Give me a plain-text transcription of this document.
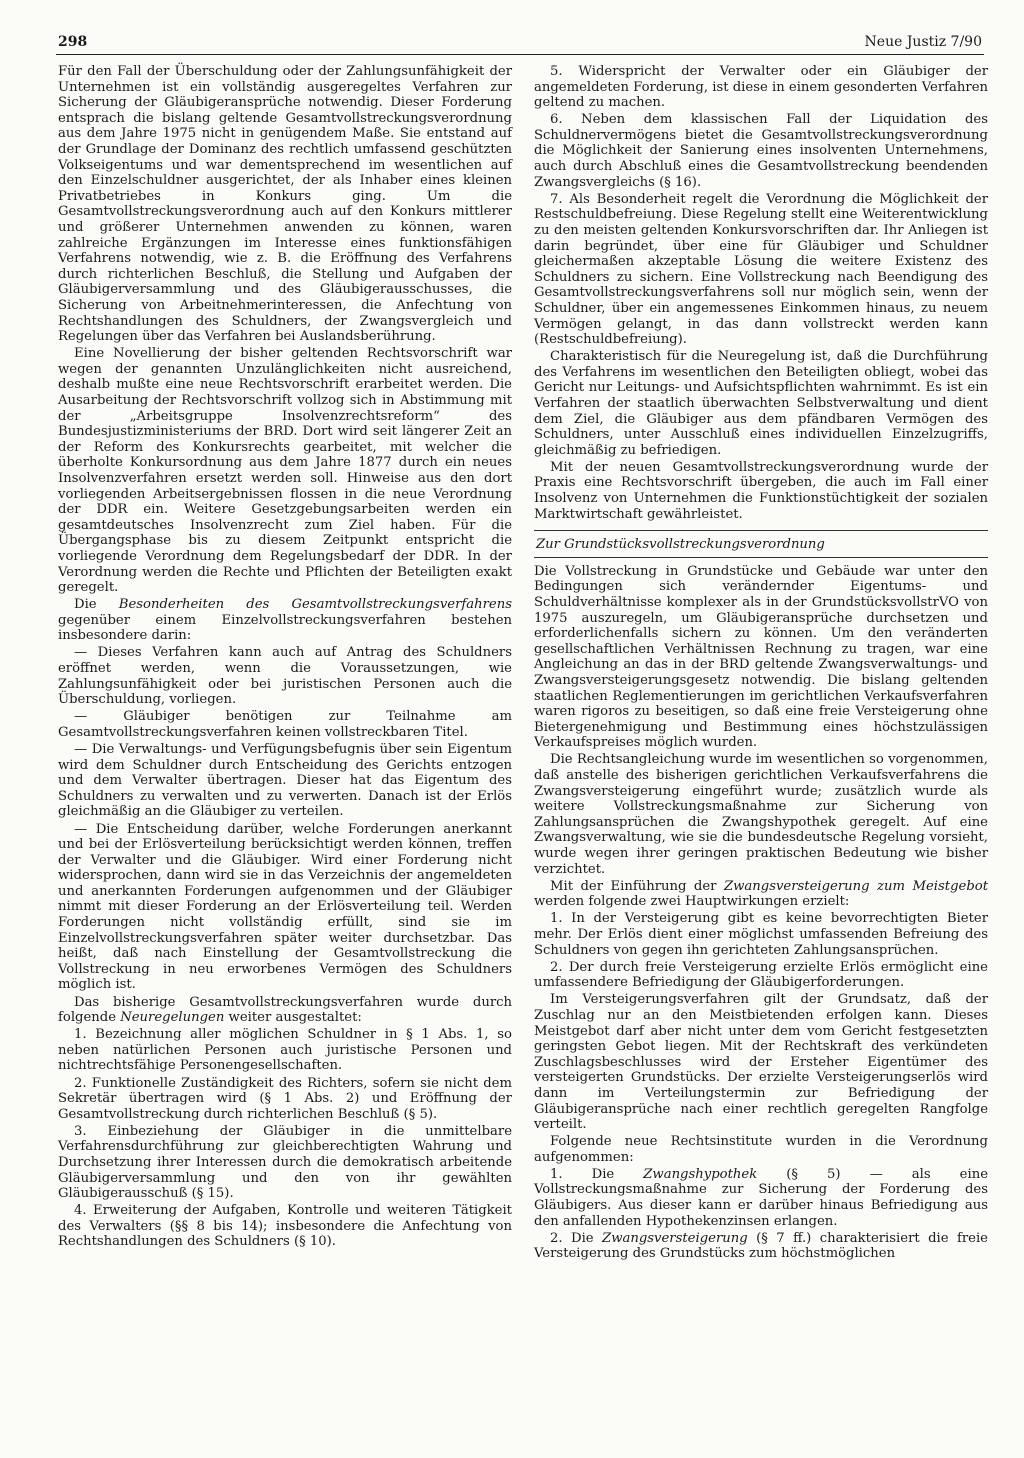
298	Neue Justiz 7/90

Für den Fall der Überschuldung oder der Zahlungsunfähigkeit der Unternehmen ist ein vollständig ausgeregeltes Verfahren zur Sicherung der Gläubigeransprüche notwendig. Dieser Forderung entsprach die bislang geltende Gesamtvollstreckungsverordnung aus dem Jahre 1975 nicht in genügendem Maße. Sie entstand auf der Grundlage der Dominanz des rechtlich umfassend geschützten Volkseigentums und war dementsprechend im wesentlichen auf den Einzelschuldner ausgerichtet, der als Inhaber eines kleinen Privatbetriebes in Konkurs ging. Um die Gesamtvollstreckungsverordnung auch auf den Konkurs mittlerer und größerer Unternehmen anwenden zu können, waren zahlreiche Ergänzungen im Interesse eines funktionsfähigen Verfahrens notwendig, wie z. B. die Eröffnung des Verfahrens durch richterlichen Beschluß, die Stellung und Aufgaben der Gläubigerversammlung und des Gläubigerausschusses, die Sicherung von Arbeitnehmerinteressen, die Anfechtung von Rechtshandlungen des Schuldners, der Zwangsvergleich und Regelungen über das Verfahren bei Auslandsberührung.

Eine Novellierung der bisher geltenden Rechtsvorschrift war wegen der genannten Unzulänglichkeiten nicht ausreichend, deshalb mußte eine neue Rechtsvorschrift erarbeitet werden. Die Ausarbeitung der Rechtsvorschrift vollzog sich in Abstimmung mit der „Arbeitsgruppe Insolvenzrechtsreform“ des Bundesjustizministeriums der BRD. Dort wird seit längerer Zeit an der Reform des Konkursrechts gearbeitet, mit welcher die überholte Konkursordnung aus dem Jahre 1877 durch ein neues Insolvenzverfahren ersetzt werden soll. Hinweise aus den dort vorliegenden Arbeitsergebnissen flossen in die neue Verordnung der DDR ein. Weitere Gesetzgebungsarbeiten werden ein gesamtdeutsches Insolvenzrecht zum Ziel haben. Für die Übergangsphase bis zu diesem Zeitpunkt entspricht die vorliegende Verordnung dem Regelungsbedarf der DDR. In der Verordnung werden die Rechte und Pflichten der Beteiligten exakt geregelt.

Die Besonderheiten des Gesamtvollstreckungsverfahrens gegenüber einem Einzelvollstreckungsverfahren bestehen insbesondere darin:

— Dieses Verfahren kann auch auf Antrag des Schuldners eröffnet werden, wenn die Voraussetzungen, wie Zahlungsunfähigkeit oder bei juristischen Personen auch die Überschuldung, vorliegen.

— Gläubiger benötigen zur Teilnahme am Gesamtvollstreckungsverfahren keinen vollstreckbaren Titel.

— Die Verwaltungs- und Verfügungsbefugnis über sein Eigentum wird dem Schuldner durch Entscheidung des Gerichts entzogen und dem Verwalter übertragen. Dieser hat das Eigentum des Schuldners zu verwalten und zu verwerten. Danach ist der Erlös gleichmäßig an die Gläubiger zu verteilen.

— Die Entscheidung darüber, welche Forderungen anerkannt und bei der Erlösverteilung berücksichtigt werden können, treffen der Verwalter und die Gläubiger. Wird einer Forderung nicht widersprochen, dann wird sie in das Verzeichnis der angemeldeten und anerkannten Forderungen aufgenommen und der Gläubiger nimmt mit dieser Forderung an der Erlösverteilung teil. Werden Forderungen nicht vollständig erfüllt, sind sie im Einzelvollstreckungsverfahren später weiter durchsetzbar. Das heißt, daß nach Einstellung der Gesamtvollstreckung die Vollstreckung in neu erworbenes Vermögen des Schuldners möglich ist.

Das bisherige Gesamtvollstreckungsverfahren wurde durch folgende Neuregelungen weiter ausgestaltet:

1. Bezeichnung aller möglichen Schuldner in § 1 Abs. 1, so neben natürlichen Personen auch juristische Personen und nichtrechtsfähige Personengesellschaften.

2. Funktionelle Zuständigkeit des Richters, sofern sie nicht dem Sekretär übertragen wird (§ 1 Abs. 2) und Eröffnung der Gesamtvollstreckung durch richterlichen Beschluß (§ 5).

3. Einbeziehung der Gläubiger in die unmittelbare Verfahrensdurchführung zur gleichberechtigten Wahrung und Durchsetzung ihrer Interessen durch die demokratisch arbeitende Gläubigerversammlung und den von ihr gewählten Gläubigerausschuß (§ 15).

4. Erweiterung der Aufgaben, Kontrolle und weiteren Tätigkeit des Verwalters (§§ 8 bis 14); insbesondere die Anfechtung von Rechtshandlungen des Schuldners (§ 10).

5. Widerspricht der Verwalter oder ein Gläubiger der angemeldeten Forderung, ist diese in einem gesonderten Verfahren geltend zu machen.

6. Neben dem klassischen Fall der Liquidation des Schuldnervermögens bietet die Gesamtvollstreckungsverordnung die Möglichkeit der Sanierung eines insolventen Unternehmens, auch durch Abschluß eines die Gesamtvollstreckung beendenden Zwangsvergleichs (§ 16).

7. Als Besonderheit regelt die Verordnung die Möglichkeit der Restschuldbefreiung. Diese Regelung stellt eine Weiterentwicklung zu den meisten geltenden Konkursvorschriften dar. Ihr Anliegen ist darin begründet, über eine für Gläubiger und Schuldner gleichermaßen akzeptable Lösung die weitere Existenz des Schuldners zu sichern. Eine Vollstreckung nach Beendigung des Gesamtvollstreckungsverfahrens soll nur möglich sein, wenn der Schuldner, über ein angemessenes Einkommen hinaus, zu neuem Vermögen gelangt, in das dann vollstreckt werden kann (Restschuldbefreiung).

Charakteristisch für die Neuregelung ist, daß die Durchführung des Verfahrens im wesentlichen den Beteiligten obliegt, wobei das Gericht nur Leitungs- und Aufsichtspflichten wahrnimmt. Es ist ein Verfahren der staatlich überwachten Selbstverwaltung und dient dem Ziel, die Gläubiger aus dem pfändbaren Vermögen des Schuldners, unter Ausschluß eines individuellen Einzelzugriffs, gleichmäßig zu befriedigen.

Mit der neuen Gesamtvollstreckungsverordnung wurde der Praxis eine Rechtsvorschrift übergeben, die auch im Fall einer Insolvenz von Unternehmen die Funktionstüchtigkeit der sozialen Marktwirtschaft gewährleistet.

Zur Grundstücksvollstreckungsverordnung

Die Vollstreckung in Grundstücke und Gebäude war unter den Bedingungen sich verändernder Eigentums- und Schuldverhältnisse komplexer als in der GrundstücksvollstrVO von 1975 auszuregeln, um Gläubigeransprüche durchsetzen und erforderlichenfalls sichern zu können. Um den veränderten gesellschaftlichen Verhältnissen Rechnung zu tragen, war eine Angleichung an das in der BRD geltende Zwangsverwaltungs- und Zwangsversteigerungsgesetz notwendig. Die bislang geltenden staatlichen Reglementierungen im gerichtlichen Verkaufsverfahren waren rigoros zu beseitigen, so daß eine freie Versteigerung ohne Bietergenehmigung und Bestimmung eines höchstzulässigen Verkaufspreises möglich wurden.

Die Rechtsangleichung wurde im wesentlichen so vorgenommen, daß anstelle des bisherigen gerichtlichen Verkaufsverfahrens die Zwangsversteigerung eingeführt wurde; zusätzlich wurde als weitere Vollstreckungsmaßnahme zur Sicherung von Zahlungsansprüchen die Zwangshypothek geregelt. Auf eine Zwangsverwaltung, wie sie die bundesdeutsche Regelung vorsieht, wurde wegen ihrer geringen praktischen Bedeutung wie bisher verzichtet.

Mit der Einführung der Zwangsversteigerung zum Meistgebot werden folgende zwei Hauptwirkungen erzielt:

1. In der Versteigerung gibt es keine bevorrechtigten Bieter mehr. Der Erlös dient einer möglichst umfassenden Befreiung des Schuldners von gegen ihn gerichteten Zahlungsansprüchen.

2. Der durch freie Versteigerung erzielte Erlös ermöglicht eine umfassendere Befriedigung der Gläubigerforderungen.

Im Versteigerungsverfahren gilt der Grundsatz, daß der Zuschlag nur an den Meistbietenden erfolgen kann. Dieses Meistgebot darf aber nicht unter dem vom Gericht festgesetzten geringsten Gebot liegen. Mit der Rechtskraft des verkündeten Zuschlagsbeschlusses wird der Ersteher Eigentümer des versteigerten Grundstücks. Der erzielte Versteigerungserlös wird dann im Verteilungstermin zur Befriedigung der Gläubigeransprüche nach einer rechtlich geregelten Rangfolge verteilt.

Folgende neue Rechtsinstitute wurden in die Verordnung aufgenommen:

1. Die Zwangshypothek (§ 5) — als eine Vollstreckungsmaßnahme zur Sicherung der Forderung des Gläubigers. Aus dieser kann er darüber hinaus Befriedigung aus den anfallenden Hypothekenzinsen erlangen.

2. Die Zwangsversteigerung (§ 7 ff.) charakterisiert die freie Versteigerung des Grundstücks zum höchstmöglichen
